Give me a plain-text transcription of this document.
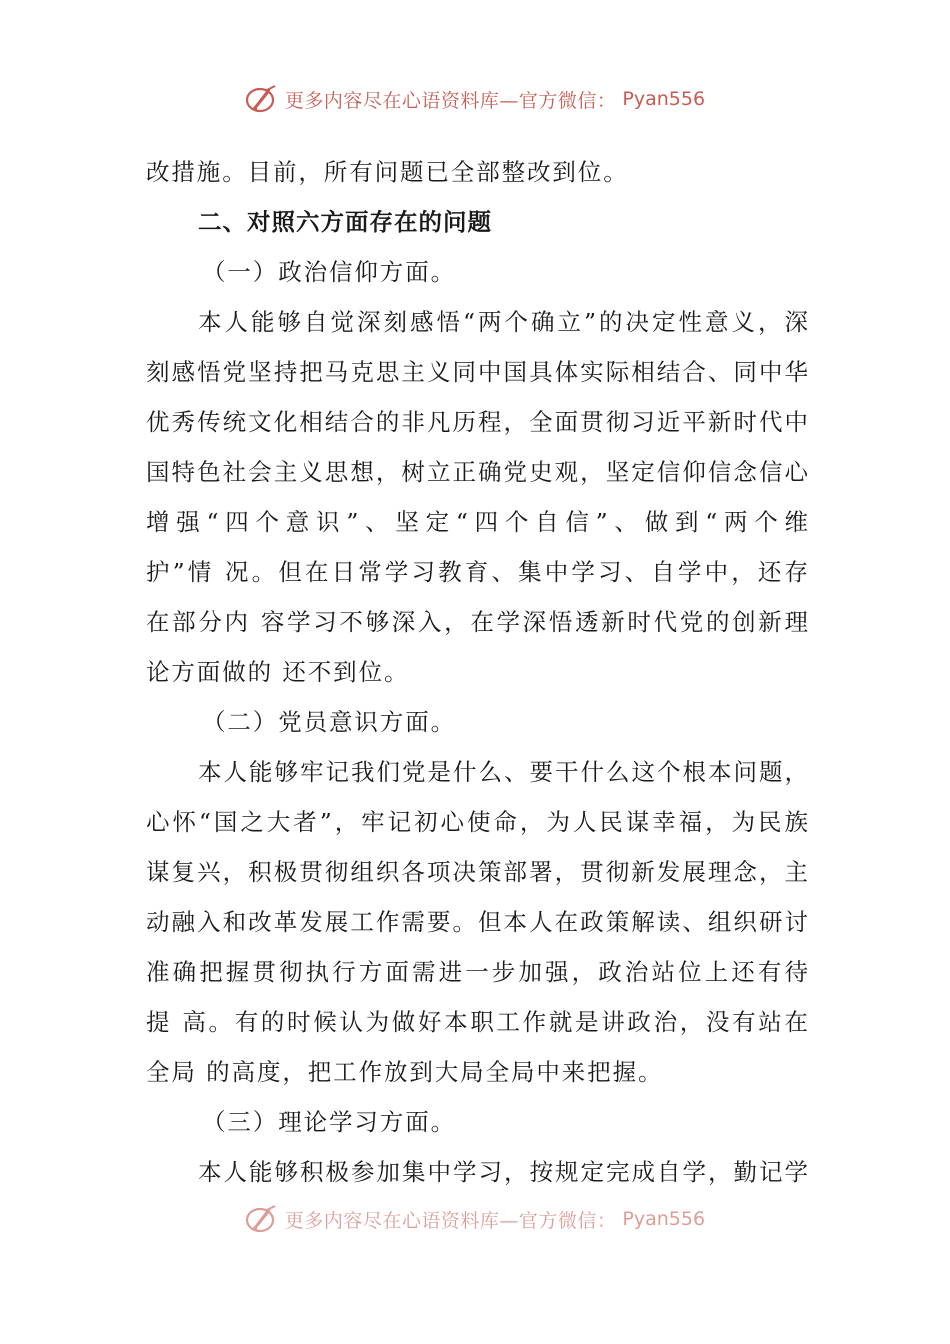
更多内容尽在心语资料库—官方微信： Pyan556
改措施。目前，所有问题已全部整改到位。
二、对照六方面存在的问题
（一）政治信仰方面。
本人能够自觉深刻感悟“两个确立”的决定性意义，深
刻感悟党坚持把马克思主义同中国具体实际相结合、同中华
优秀传统文化相结合的非凡历程，全面贯彻习近平新时代中
国特色社会主义思想，树立正确党史观，坚定信仰信念信心
增强“四个意识”、坚定“四个自信”、做到“两个维
护”情 况。但在日常学习教育、集中学习、自学中，还存
在部分内 容学习不够深入，在学深悟透新时代党的创新理
论方面做的 还不到位。
（二）党员意识方面。
本人能够牢记我们党是什么、要干什么这个根本问题，
心怀“国之大者”，牢记初心使命，为人民谋幸福，为民族
谋复兴，积极贯彻组织各项决策部署，贯彻新发展理念，主
动融入和改革发展工作需要。但本人在政策解读、组织研讨
准确把握贯彻执行方面需进一步加强，政治站位上还有待
提 高。有的时候认为做好本职工作就是讲政治，没有站在
全局 的高度，把工作放到大局全局中来把握。
（三）理论学习方面。
本人能够积极参加集中学习，按规定完成自学，勤记学
更多内容尽在心语资料库—官方微信： Pyan556
